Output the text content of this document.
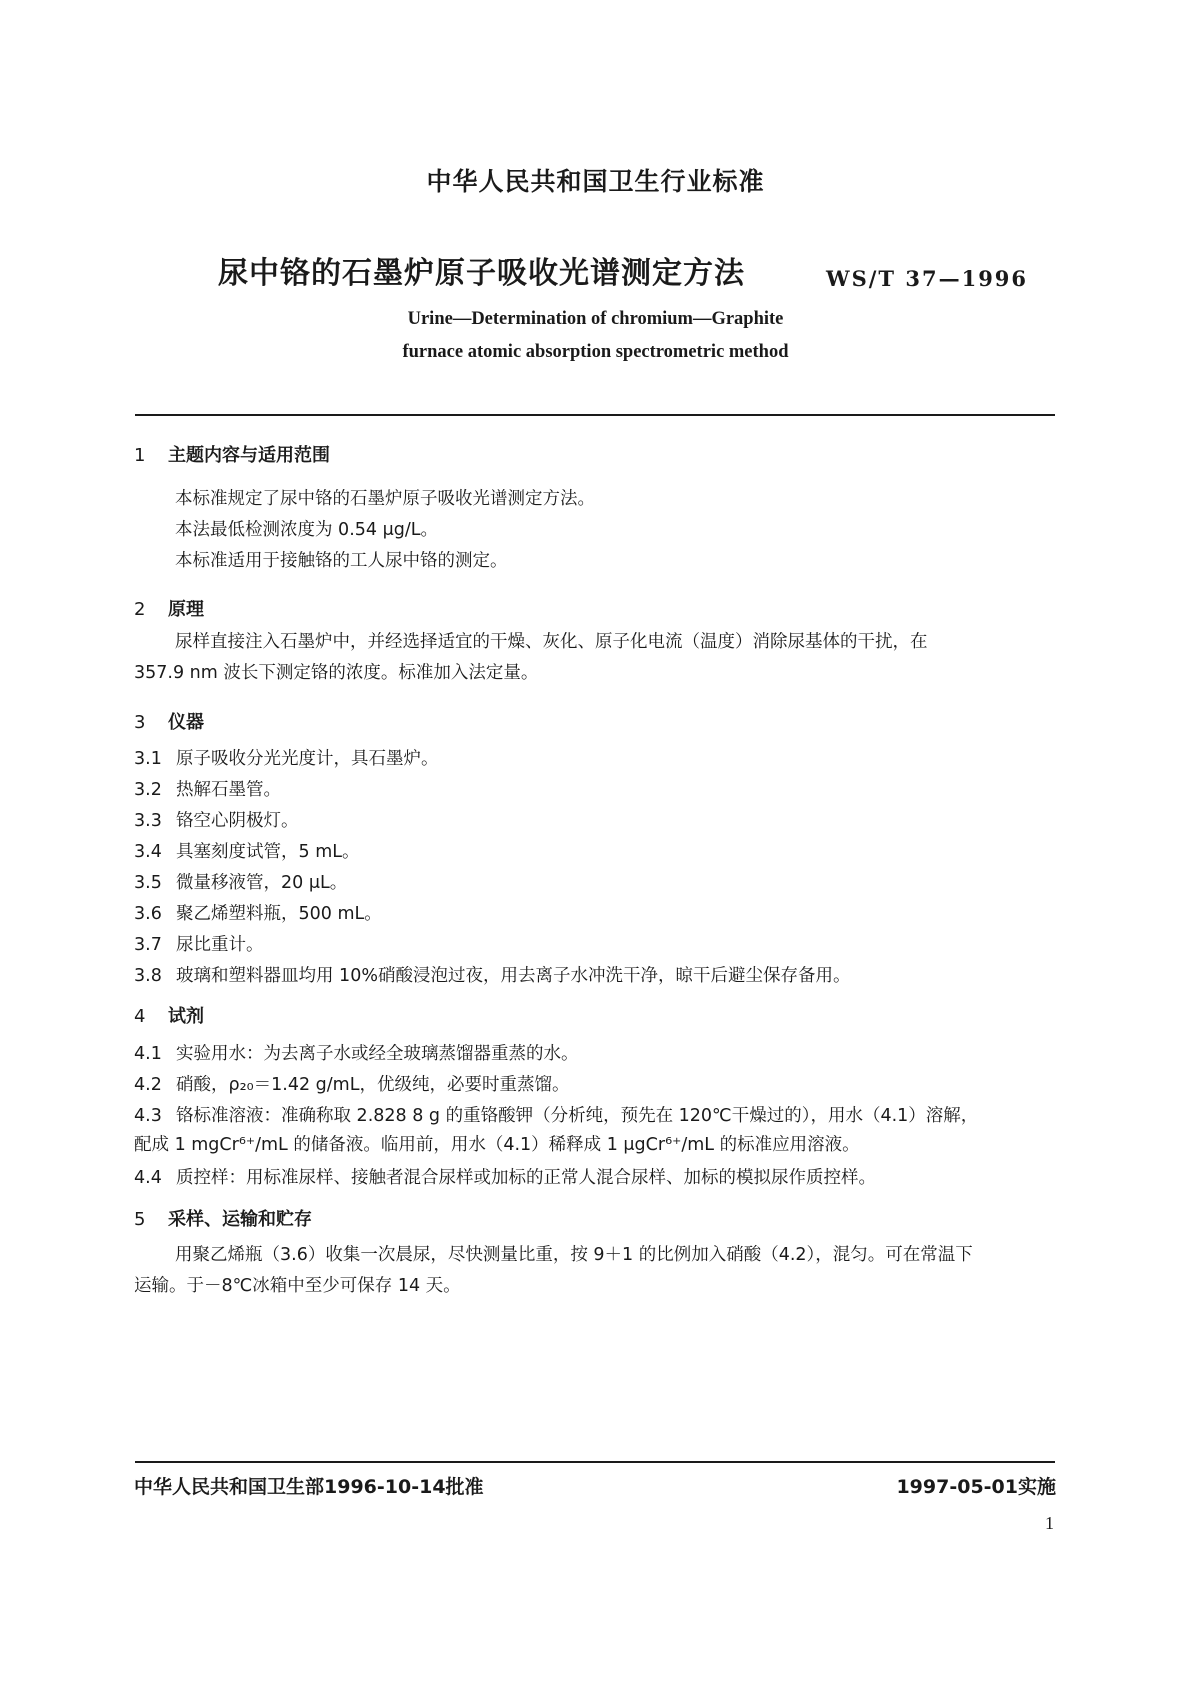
中华人民共和国卫生行业标准
尿中铬的石墨炉原子吸收光谱测定方法	WS/T 37—1996
Urine—Determination of chromium—Graphite
furnace atomic absorption spectrometric method
1 主题内容与适用范围
本标准规定了尿中铬的石墨炉原子吸收光谱测定方法。
本法最低检测浓度为 0.54 μg/L。
本标准适用于接触铬的工人尿中铬的测定。
2 原理
尿样直接注入石墨炉中，并经选择适宜的干燥、灰化、原子化电流（温度）消除尿基体的干扰，在
357.9 nm 波长下测定铬的浓度。标准加入法定量。
3 仪器
3.1 原子吸收分光光度计，具石墨炉。
3.2 热解石墨管。
3.3 铬空心阴极灯。
3.4 具塞刻度试管，5 mL。
3.5 微量移液管，20 μL。
3.6 聚乙烯塑料瓶，500 mL。
3.7 尿比重计。
3.8 玻璃和塑料器皿均用 10%硝酸浸泡过夜，用去离子水冲洗干净，晾干后避尘保存备用。
4 试剂
4.1 实验用水：为去离子水或经全玻璃蒸馏器重蒸的水。
4.2 硝酸，ρ₂₀＝1.42 g/mL，优级纯，必要时重蒸馏。
4.3 铬标准溶液：准确称取 2.828 8 g 的重铬酸钾（分析纯，预先在 120℃干燥过的），用水（4.1）溶解，
配成 1 mgCr⁶⁺/mL 的储备液。临用前，用水（4.1）稀释成 1 μgCr⁶⁺/mL 的标准应用溶液。
4.4 质控样：用标准尿样、接触者混合尿样或加标的正常人混合尿样、加标的模拟尿作质控样。
5 采样、运输和贮存
用聚乙烯瓶（3.6）收集一次晨尿，尽快测量比重，按 9＋1 的比例加入硝酸（4.2），混匀。可在常温下
运输。于－8℃冰箱中至少可保存 14 天。
中华人民共和国卫生部1996-10-14批准	1997-05-01实施
1
